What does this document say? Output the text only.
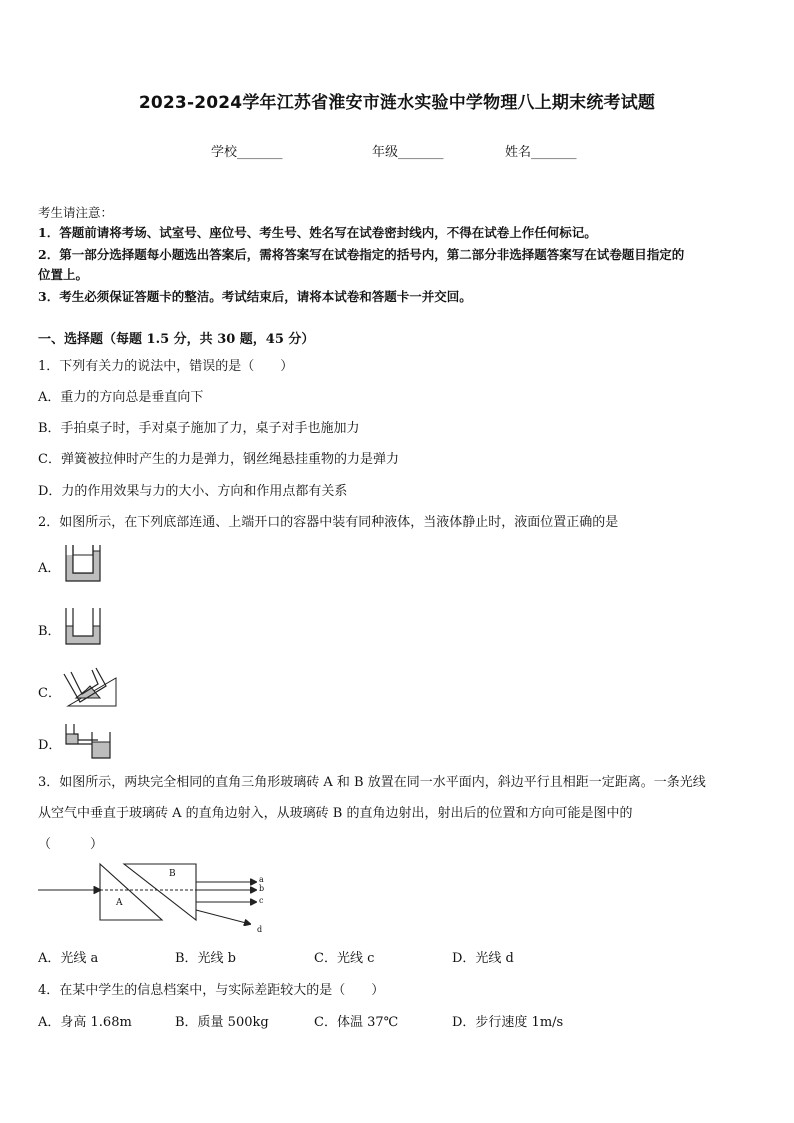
2023-2024学年江苏省淮安市涟水实验中学物理八上期末统考试题
学校_______	年级_______	姓名_______
考生请注意：
1．答题前请将考场、试室号、座位号、考生号、姓名写在试卷密封线内，不得在试卷上作任何标记。
2．第一部分选择题每小题选出答案后，需将答案写在试卷指定的括号内，第二部分非选择题答案写在试卷题目指定的
位置上。
3．考生必须保证答题卡的整洁。考试结束后，请将本试卷和答题卡一并交回。
一、选择题（每题 1.5 分，共 30 题，45 分）
1．下列有关力的说法中，错误的是（　　）
A．重力的方向总是垂直向下
B．手拍桌子时，手对桌子施加了力，桌子对手也施加力
C．弹簧被拉伸时产生的力是弹力，钢丝绳悬挂重物的力是弹力
D．力的作用效果与力的大小、方向和作用点都有关系
2．如图所示，在下列底部连通、上端开口的容器中装有同种液体，当液体静止时，液面位置正确的是
A．
B．
C．
D．
3．如图所示，两块完全相同的直角三角形玻璃砖 A 和 B 放置在同一水平面内，斜边平行且相距一定距离。一条光线
从空气中垂直于玻璃砖 A 的直角边射入，从玻璃砖 B 的直角边射出，射出后的位置和方向可能是图中的
（　　　）
A
B
a
b
c
d
A．光线 a	B．光线 b	C．光线 c	D．光线 d
4．在某中学生的信息档案中，与实际差距较大的是（　　）
A．身高 1.68m	B．质量 500kg	C．体温 37℃	D．步行速度 1m/s
